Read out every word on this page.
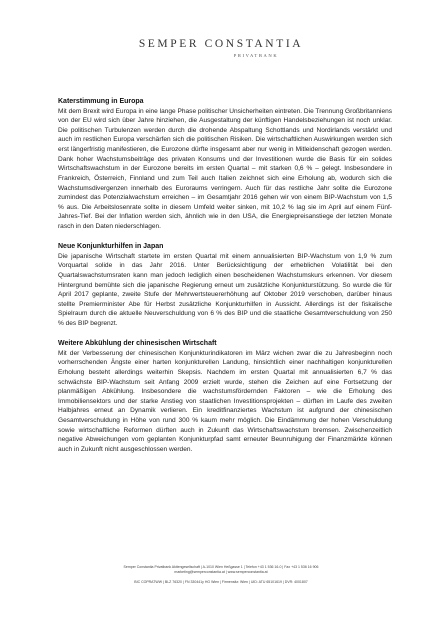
SEMPER CONSTANTIA
PRIVATBANK
Katerstimmung in Europa

Mit dem Brexit wird Europa in eine lange Phase politischer Unsicherheiten eintreten. Die Trennung Großbritanniens von der EU wird sich über Jahre hinziehen, die Ausgestaltung der künftigen Handelsbeziehungen ist noch unklar. Die politischen Turbulenzen werden durch die drohende Abspaltung Schottlands und Nordirlands verstärkt und auch im restlichen Europa verschärfen sich die politischen Risiken. Die wirtschaftlichen Auswirkungen werden sich erst längerfristig manifestieren, die Eurozone dürfte insgesamt aber nur wenig in Mitleidenschaft gezogen werden. Dank hoher Wachstumsbeiträge des privaten Konsums und der Investitionen wurde die Basis für ein solides Wirtschaftswachstum in der Eurozone bereits im ersten Quartal – mit starken 0,6 % – gelegt. Insbesondere in Frankreich, Österreich, Finnland und zum Teil auch Italien zeichnet sich eine Erholung ab, wodurch sich die Wachstumsdivergenzen innerhalb des Euroraums verringern. Auch für das restliche Jahr sollte die Eurozone zumindest das Potenzialwachstum erreichen – im Gesamtjahr 2016 gehen wir von einem BIP-Wachstum von 1,5 % aus. Die Arbeitslosenrate sollte in diesem Umfeld weiter sinken, mit 10,2 % lag sie im April auf einem Fünf-Jahres-Tief. Bei der Inflation werden sich, ähnlich wie in den USA, die Energiepreisanstiege der letzten Monate rasch in den Daten niederschlagen.

Neue Konjunkturhilfen in Japan

Die japanische Wirtschaft startete im ersten Quartal mit einem annualisierten BIP-Wachstum von 1,9 % zum Vorquartal solide in das Jahr 2016. Unter Berücksichtigung der erheblichen Volatilität bei den Quartalswachstumsraten kann man jedoch lediglich einen bescheidenen Wachstumskurs erkennen. Vor diesem Hintergrund bemühte sich die japanische Regierung erneut um zusätzliche Konjunkturstützung. So wurde die für April 2017 geplante, zweite Stufe der Mehrwertsteuererhöhung auf Oktober 2019 verschoben, darüber hinaus stellte Premierminister Abe für Herbst zusätzliche Konjunkturhilfen in Aussicht. Allerdings ist der fiskalische Spielraum durch die aktuelle Neuverschuldung von 6 % des BIP und die staatliche Gesamtverschuldung von 250 % des BIP begrenzt.

Weitere Abkühlung der chinesischen Wirtschaft

Mit der Verbesserung der chinesischen Konjunkturindikatoren im März wichen zwar die zu Jahresbeginn noch vorherrschenden Ängste einer harten konjunkturellen Landung, hinsichtlich einer nachhaltigen konjunkturellen Erholung besteht allerdings weiterhin Skepsis. Nachdem im ersten Quartal mit annualisierten 6,7 % das schwächste BIP-Wachstum seit Anfang 2009 erzielt wurde, stehen die Zeichen auf eine Fortsetzung der planmäßigen Abkühlung. Insbesondere die wachstumsfördernden Faktoren – wie die Erholung des Immobiliensektors und der starke Anstieg von staatlichen Investitionsprojekten – dürften im Laufe des zweiten Halbjahres erneut an Dynamik verlieren. Ein kreditfinanziertes Wachstum ist aufgrund der chinesischen Gesamtverschuldung in Höhe von rund 300 % kaum mehr möglich. Die Eindämmung der hohen Verschuldung sowie wirtschaftliche Reformen dürften auch in Zukunft das Wirtschaftswachstum bremsen. Zwischenzeitlich negative Abweichungen vom geplanten Konjunkturpfad samt erneuter Beunruhigung der Finanzmärkte können auch in Zukunft nicht ausgeschlossen werden.

Semper Constantia Privatbank Aktiengesellschaft | A-1010 Wien Heßgasse 1 | Telefon +43 1 536 16-0 | Fax +43 1 536 16 906
marketing@semperconstantia.at | www.semperconstantia.at
BIC COPRATWW | BLZ 76320 | FN 330441y HG Wien | Firmensitz: Wien | UID: ATU 65101619 | DVR: 4001807
